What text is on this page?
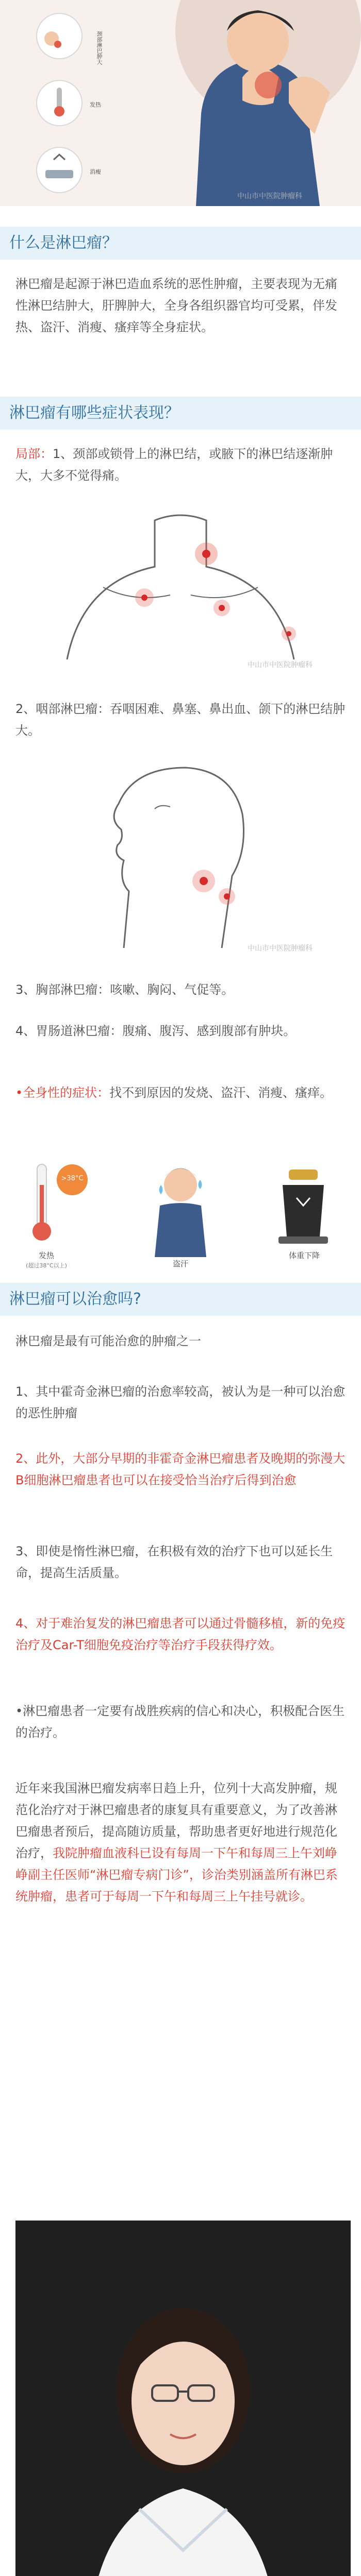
颈部淋巴肿大
发热
消瘦
中山市中医院肿瘤科
什么是淋巴瘤？
淋巴瘤是起源于淋巴造血系统的恶性肿瘤，主要表现为无痛性淋巴结肿大，肝脾肿大，全身各组织器官均可受累，伴发热、盗汗、消瘦、瘙痒等全身症状。
淋巴瘤有哪些症状表现？
局部：1、颈部或锁骨上的淋巴结，或腋下的淋巴结逐渐肿大，大多不觉得痛。
中山市中医院肿瘤科
2、咽部淋巴瘤：吞咽困难、鼻塞、鼻出血、颌下的淋巴结肿大。
中山市中医院肿瘤科
3、胸部淋巴瘤：咳嗽、胸闷、气促等。
4、胃肠道淋巴瘤：腹痛、腹泻、感到腹部有肿块。
•全身性的症状：找不到原因的发烧、盗汗、消瘦、瘙痒。
>38°C
发热
(超过38°C以上)	盗汗
体重下降
淋巴瘤可以治愈吗?
淋巴瘤是最有可能治愈的肿瘤之一
1、其中霍奇金淋巴瘤的治愈率较高，被认为是一种可以治愈的恶性肿瘤
2、此外，大部分早期的非霍奇金淋巴瘤患者及晚期的弥漫大B细胞淋巴瘤患者也可以在接受恰当治疗后得到治愈
3、即使是惰性淋巴瘤，在积极有效的治疗下也可以延长生命，提高生活质量。
4、对于难治复发的淋巴瘤患者可以通过骨髓移植，新的免疫治疗及Car-T细胞免疫治疗等治疗手段获得疗效。
•淋巴瘤患者一定要有战胜疾病的信心和决心，积极配合医生的治疗。
近年来我国淋巴瘤发病率日趋上升，位列十大高发肿瘤，规范化治疗对于淋巴瘤患者的康复具有重要意义，为了改善淋巴瘤患者预后，提高随访质量，帮助患者更好地进行规范化治疗，我院肿瘤血液科已设有每周一下午和每周三上午刘峥峥副主任医师“淋巴瘤专病门诊”，诊治类别涵盖所有淋巴系统肿瘤，患者可于每周一下午和每周三上午挂号就诊。
